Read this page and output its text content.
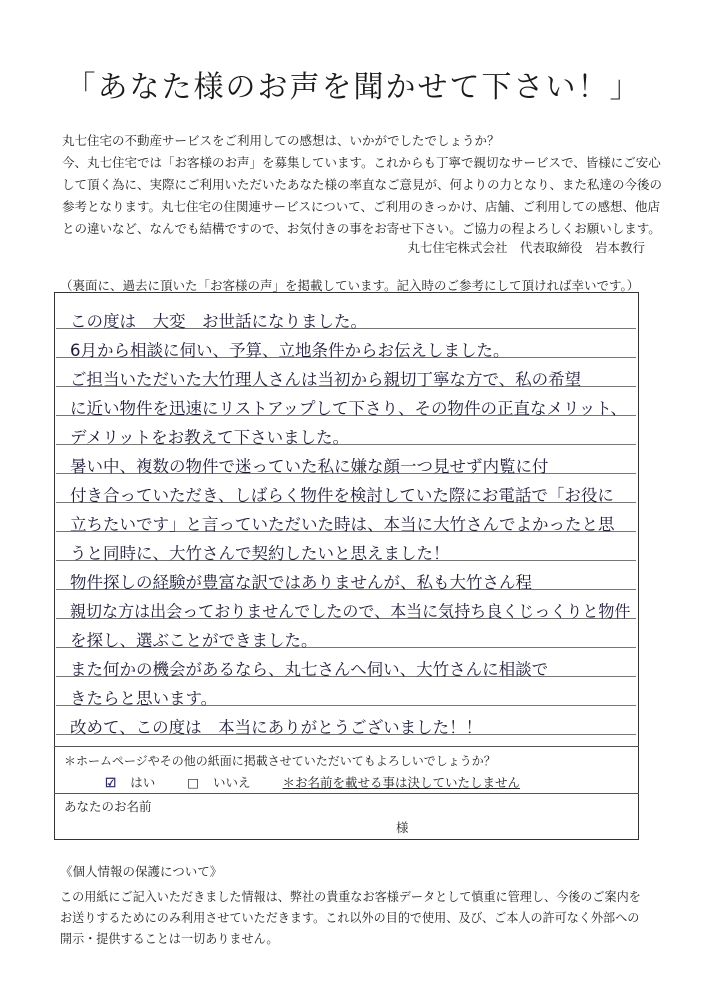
「あなた様のお声を聞かせて下さい！」
丸七住宅の不動産サービスをご利用しての感想は、いかがでしたでしょうか？
今、丸七住宅では「お客様のお声」を募集しています。これからも丁寧で親切なサービスで、皆様にご安心
して頂く為に、実際にご利用いただいたあなた様の率直なご意見が、何よりの力となり、また私達の今後の
参考となります。丸七住宅の住関連サービスについて、ご利用のきっかけ、店舗、ご利用しての感想、他店
との違いなど、なんでも結構ですので、お気付きの事をお寄せ下さい。ご協力の程よろしくお願いします。
丸七住宅株式会社　代表取締役　岩本教行
（裏面に、過去に頂いた「お客様の声」を掲載しています。記入時のご参考にして頂ければ幸いです。）
この度は　大変　お世話になりました。
6月から相談に伺い、予算、立地条件からお伝えしました。
ご担当いただいた大竹理人さんは当初から親切丁寧な方で、私の希望
に近い物件を迅速にリストアップして下さり、その物件の正直なメリット、
デメリットをお教えて下さいました。
暑い中、複数の物件で迷っていた私に嫌な顔一つ見せず内覧に付
付き合っていただき、しばらく物件を検討していた際にお電話で「お役に
立ちたいです」と言っていただいた時は、本当に大竹さんでよかったと思
うと同時に、大竹さんで契約したいと思えました！
物件探しの経験が豊富な訳ではありませんが、私も大竹さん程
親切な方は出会っておりませんでしたので、本当に気持ち良くじっくりと物件
を探し、選ぶことができました。
また何かの機会があるなら、丸七さんへ伺い、大竹さんに相談で
きたらと思います。
改めて、この度は　本当にありがとうございました！！
＊ホームページやその他の紙面に掲載させていただいてもよろしいでしょうか？
☑ はい	□ いいえ	＊お名前を載せる事は決していたしません
あなたのお名前
様
《個人情報の保護について》
この用紙にご記入いただきました情報は、弊社の貴重なお客様データとして慎重に管理し、今後のご案内を
お送りするためにのみ利用させていただきます。これ以外の目的で使用、及び、ご本人の許可なく外部への
開示・提供することは一切ありません。
